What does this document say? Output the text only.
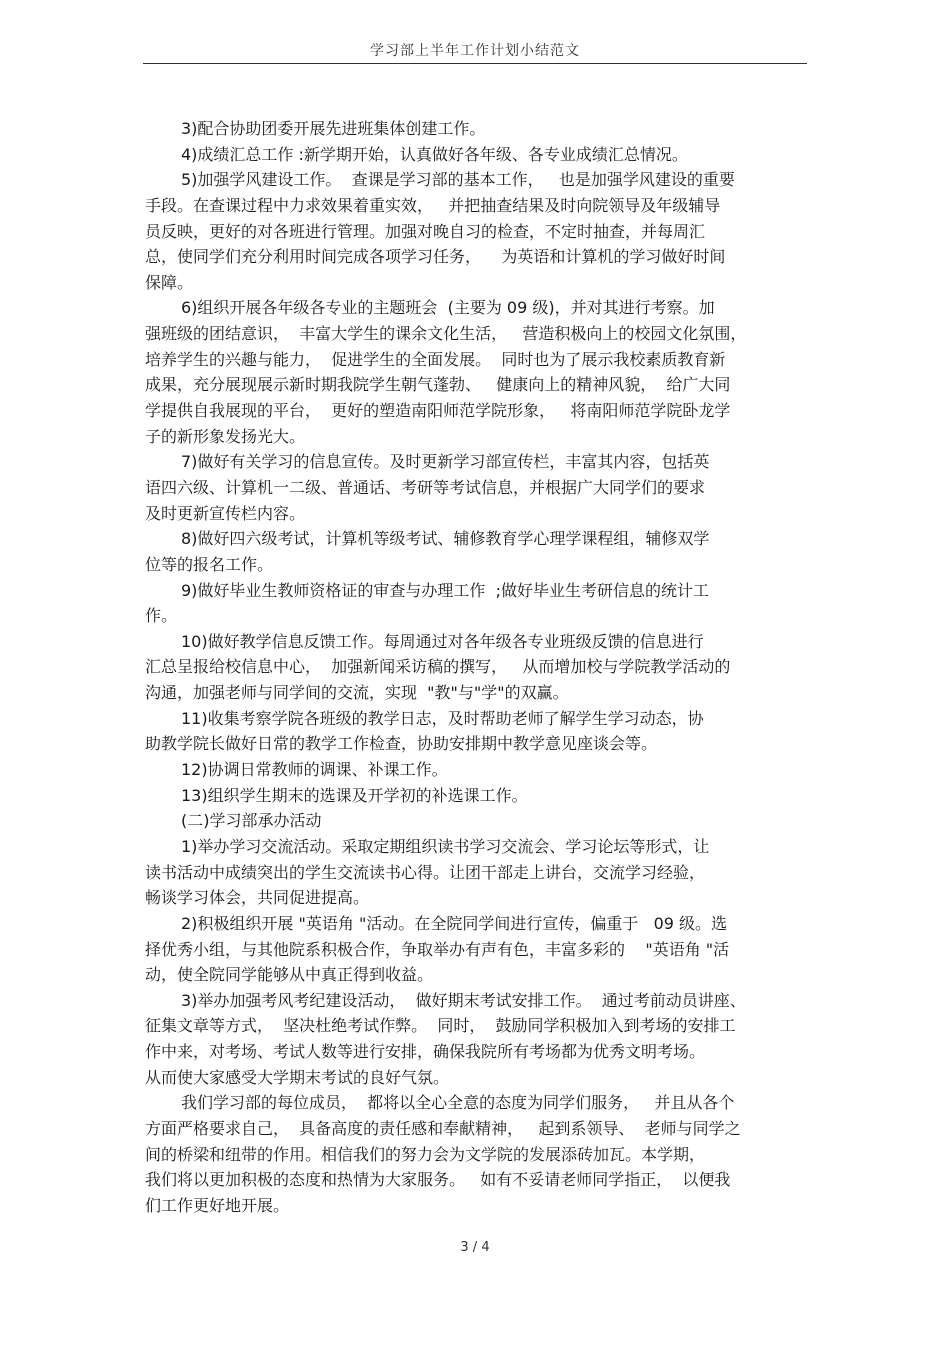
学习部上半年工作计划小结范文
3)配合协助团委开展先进班集体创建工作。
4)成绩汇总工作 :新学期开始，认真做好各年级、各专业成绩汇总情况。
5)加强学风建设工作。  查课是学习部的基本工作，   也是加强学风建设的重要
手段。在查课过程中力求效果着重实效，   并把抽查结果及时向院领导及年级辅导
员反映，更好的对各班进行管理。加强对晚自习的检查，不定时抽查，并每周汇
总，使同学们充分利用时间完成各项学习任务，    为英语和计算机的学习做好时间
保障。
6)组织开展各年级各专业的主题班会  (主要为 09 级)，并对其进行考察。加
强班级的团结意识，  丰富大学生的课余文化生活，   营造积极向上的校园文化氛围，
培养学生的兴趣与能力，  促进学生的全面发展。  同时也为了展示我校素质教育新
成果，充分展现展示新时期我院学生朝气蓬勃、   健康向上的精神风貌，  给广大同
学提供自我展现的平台，  更好的塑造南阳师范学院形象，   将南阳师范学院卧龙学
子的新形象发扬光大。
7)做好有关学习的信息宣传。及时更新学习部宣传栏，丰富其内容，包括英
语四六级、计算机一二级、普通话、考研等考试信息，并根据广大同学们的要求
及时更新宣传栏内容。
8)做好四六级考试，计算机等级考试、辅修教育学心理学课程组，辅修双学
位等的报名工作。
9)做好毕业生教师资格证的审查与办理工作  ;做好毕业生考研信息的统计工
作。
10)做好教学信息反馈工作。每周通过对各年级各专业班级反馈的信息进行
汇总呈报给校信息中心，  加强新闻采访稿的撰写，   从而增加校与学院教学活动的
沟通，加强老师与同学间的交流，实现  "教"与"学"的双赢。
11)收集考察学院各班级的教学日志，及时帮助老师了解学生学习动态，协
助教学院长做好日常的教学工作检查，协助安排期中教学意见座谈会等。
12)协调日常教师的调课、补课工作。
13)组织学生期末的选课及开学初的补选课工作。
(二)学习部承办活动
1)举办学习交流活动。采取定期组织读书学习交流会、学习论坛等形式，让
读书活动中成绩突出的学生交流读书心得。让团干部走上讲台，交流学习经验，
畅谈学习体会，共同促进提高。
2)积极组织开展 "英语角 "活动。在全院同学间进行宣传，偏重于   09 级。选
择优秀小组，与其他院系积极合作，争取举办有声有色，丰富多彩的    "英语角 "活
动，使全院同学能够从中真正得到收益。
3)举办加强考风考纪建设活动，  做好期末考试安排工作。  通过考前动员讲座、
征集文章等方式，  坚决杜绝考试作弊。  同时，  鼓励同学积极加入到考场的安排工
作中来，对考场、考试人数等进行安排，确保我院所有考场都为优秀文明考场。
从而使大家感受大学期末考试的良好气氛。
我们学习部的每位成员，  都将以全心全意的态度为同学们服务，   并且从各个
方面严格要求自己，  具备高度的责任感和奉献精神，   起到系领导、  老师与同学之
间的桥梁和纽带的作用。相信我们的努力会为文学院的发展添砖加瓦。本学期，
我们将以更加积极的态度和热情为大家服务。   如有不妥请老师同学指正，  以便我
们工作更好地开展。
3 / 4
